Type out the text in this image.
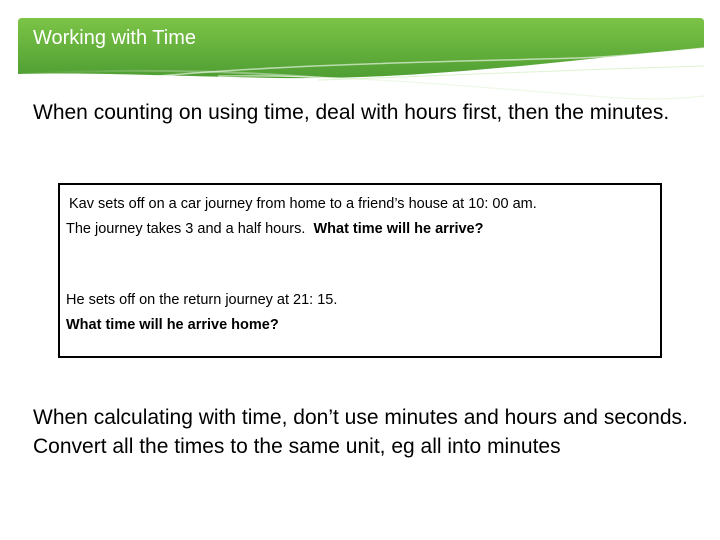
Working with Time
When counting on using time, deal with hours first, then the minutes.
Kav sets off on a car journey from home to a friend’s house at 10: 00 am.
The journey takes 3 and a half hours.  What time will he arrive?
He sets off on the return journey at 21: 15.
What time will he arrive home?
When calculating with time, don’t use minutes and hours and seconds. Convert all the times to the same unit, eg all into minutes
